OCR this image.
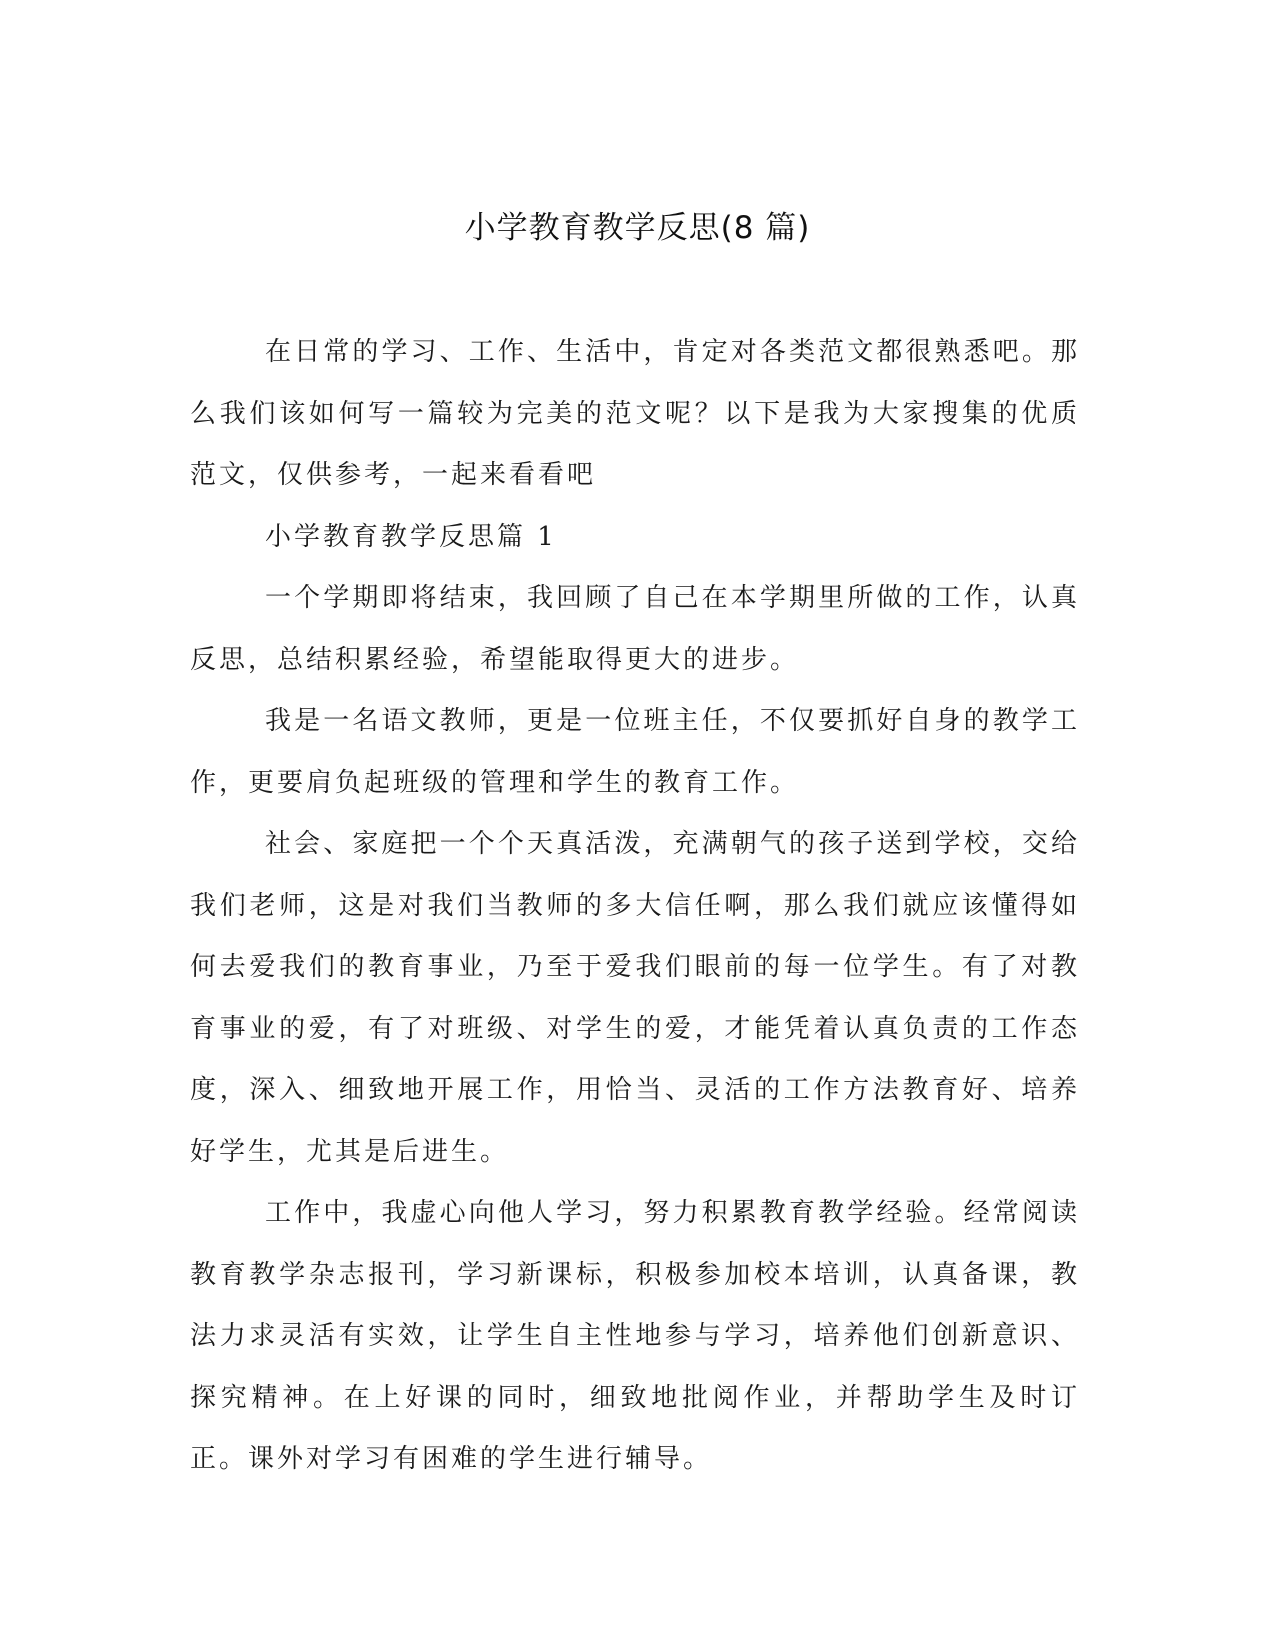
小学教育教学反思(8 篇)

在日常的学习、工作、生活中，肯定对各类范文都很熟悉吧。那么我们该如何写一篇较为完美的范文呢？以下是我为大家搜集的优质范文，仅供参考，一起来看看吧

小学教育教学反思篇 1

一个学期即将结束，我回顾了自己在本学期里所做的工作，认真反思，总结积累经验，希望能取得更大的进步。

我是一名语文教师，更是一位班主任，不仅要抓好自身的教学工作，更要肩负起班级的管理和学生的教育工作。

社会、家庭把一个个天真活泼，充满朝气的孩子送到学校，交给我们老师，这是对我们当教师的多大信任啊，那么我们就应该懂得如何去爱我们的教育事业，乃至于爱我们眼前的每一位学生。有了对教育事业的爱，有了对班级、对学生的爱，才能凭着认真负责的工作态度，深入、细致地开展工作，用恰当、灵活的工作方法教育好、培养好学生，尤其是后进生。

工作中，我虚心向他人学习，努力积累教育教学经验。经常阅读教育教学杂志报刊，学习新课标，积极参加校本培训，认真备课，教法力求灵活有实效，让学生自主性地参与学习，培养他们创新意识、探究精神。在上好课的同时，细致地批阅作业，并帮助学生及时订正。课外对学习有困难的学生进行辅导。
